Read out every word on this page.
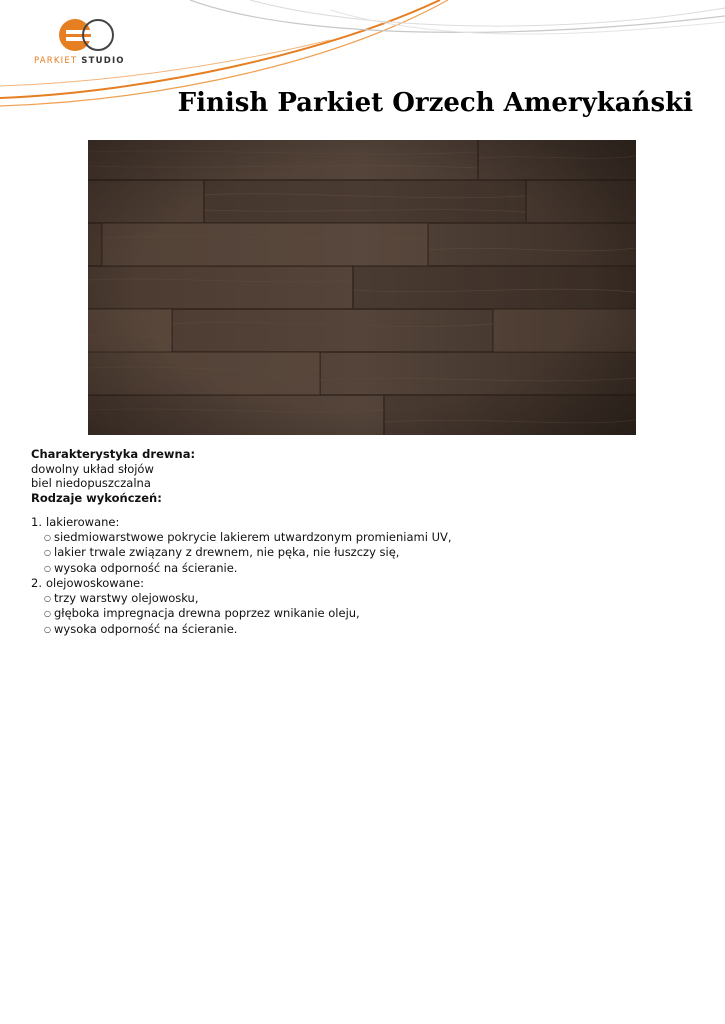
PARKIET STUDIO
Finish Parkiet Orzech Amerykański
Charakterystyka drewna:
dowolny układ słojów
biel niedopuszczalna
Rodzaje wykończeń:
1. lakierowane:
○ siedmiowarstwowe pokrycie lakierem utwardzonym promieniami UV,
○ lakier trwale związany z drewnem, nie pęka, nie łuszczy się,
○ wysoka odporność na ścieranie.
2. olejowoskowane:
○ trzy warstwy olejowosku,
○ głęboka impregnacja drewna poprzez wnikanie oleju,
○ wysoka odporność na ścieranie.
